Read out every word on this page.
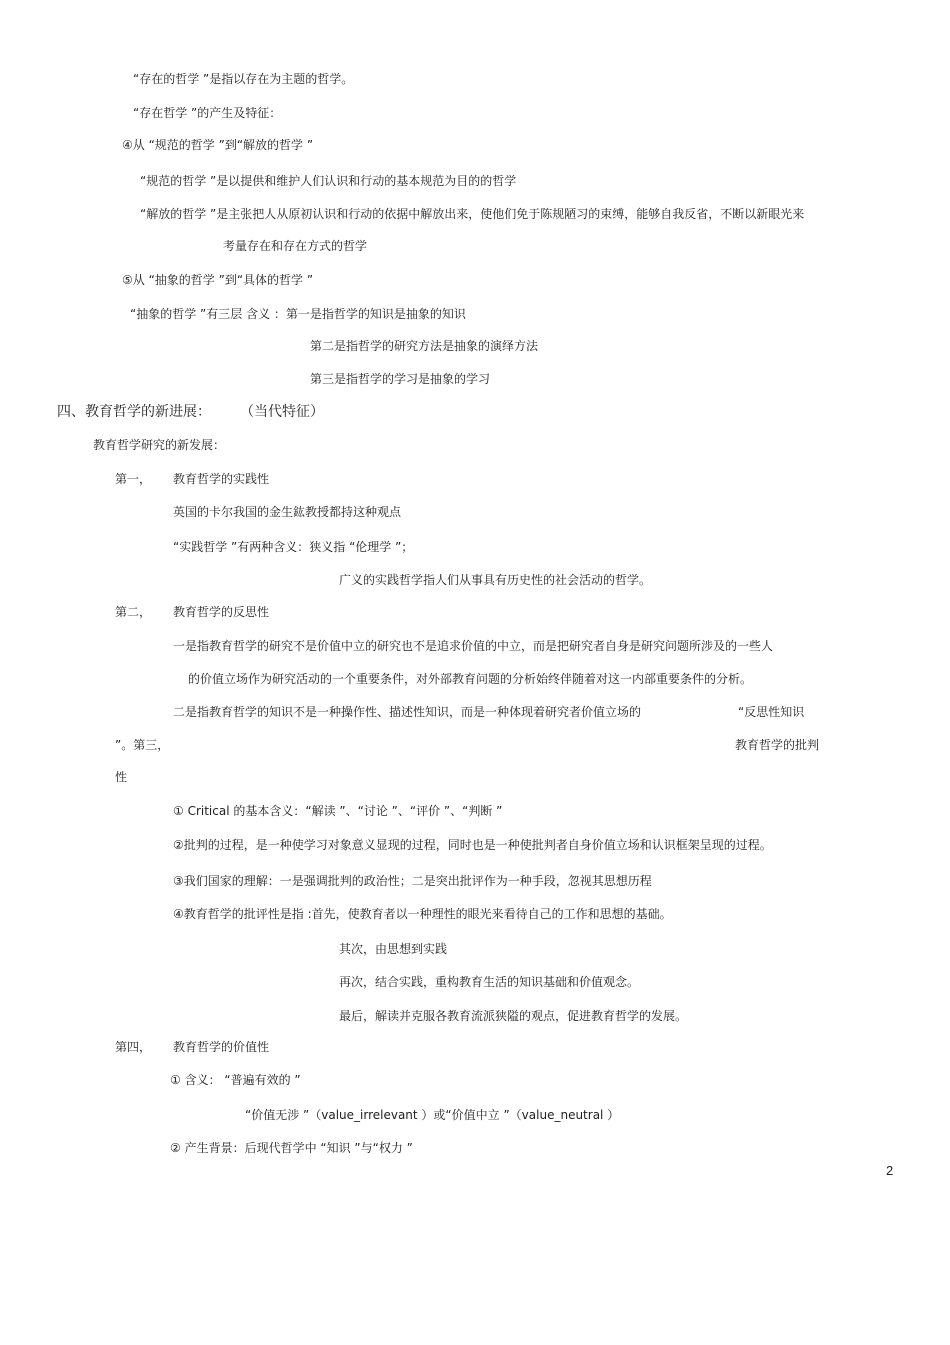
“存在的哲学 ”是指以存在为主题的哲学。
“存在哲学 ”的产生及特征：
④从 “规范的哲学 ”到“解放的哲学 ”
“规范的哲学 ”是以提供和维护人们认识和行动的基本规范为目的的哲学
“解放的哲学 ”是主张把人从原初认识和行动的依据中解放出来，使他们免于陈规陋习的束缚，能够自我反省，不断以新眼光来
考量存在和存在方式的哲学
⑤从 “抽象的哲学 ”到“具体的哲学 ”
“抽象的哲学 ”有三层 含义 ：第一是指哲学的知识是抽象的知识
第二是指哲学的研究方法是抽象的演绎方法
第三是指哲学的学习是抽象的学习
四、教育哲学的新进展： （当代特征）
教育哲学研究的新发展：
第一， 教育哲学的实践性
英国的卡尔我国的金生鈜教授都持这种观点
“实践哲学 ”有两种含义：狭义指 “伦理学 ”；
广义的实践哲学指人们从事具有历史性的社会活动的哲学。
第二， 教育哲学的反思性
一是指教育哲学的研究不是价值中立的研究也不是追求价值的中立，而是把研究者自身是研究问题所涉及的一些人
的价值立场作为研究活动的一个重要条件，对外部教育问题的分析始终伴随着对这一内部重要条件的分析。
二是指教育哲学的知识不是一种操作性、描述性知识，而是一种体现着研究者价值立场的	“反思性知识
”。第三，	教育哲学的批判
性
① Critical 的基本含义：“解读 ”、“讨论 ”、“评价 ”、“判断 ”
②批判的过程，是一种使学习对象意义显现的过程，同时也是一种使批判者自身价值立场和认识框架呈现的过程。
③我们国家的理解：一是强调批判的政治性；二是突出批评作为一种手段，忽视其思想历程
④教育哲学的批评性是指 :首先，使教育者以一种理性的眼光来看待自己的工作和思想的基础。
其次，由思想到实践
再次，结合实践，重构教育生活的知识基础和价值观念。
最后，解读并克服各教育流派狭隘的观点，促进教育哲学的发展。
第四， 教育哲学的价值性
① 含义： “普遍有效的 ”
“价值无涉 ”（value_irrelevant ）或“价值中立 ”（value_neutral ）
② 产生背景：后现代哲学中 “知识 ”与“权力 ”
2
